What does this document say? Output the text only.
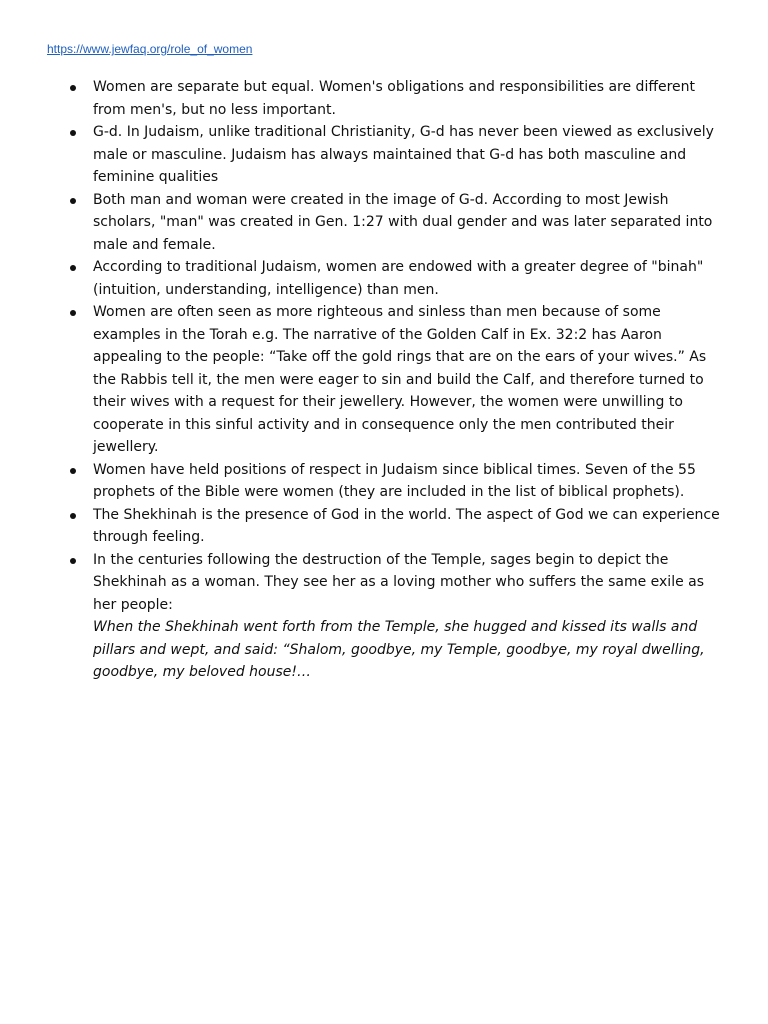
https://www.jewfaq.org/role_of_women
Women are separate but equal. Women's obligations and responsibilities are different from men's, but no less important.
G-d. In Judaism, unlike traditional Christianity, G-d has never been viewed as exclusively male or masculine. Judaism has always maintained that G-d has both masculine and feminine qualities
Both man and woman were created in the image of G-d. According to most Jewish scholars, "man" was created in Gen. 1:27 with dual gender and was later separated into male and female.
According to traditional Judaism, women are endowed with a greater degree of "binah" (intuition, understanding, intelligence) than men.
Women are often seen as more righteous and sinless than men because of some examples in the Torah e.g. The narrative of the Golden Calf in Ex. 32:2 has Aaron appealing to the people: “Take off the gold rings that are on the ears of your wives.” As the Rabbis tell it, the men were eager to sin and build the Calf, and therefore turned to their wives with a request for their jewellery. However, the women were unwilling to cooperate in this sinful activity and in consequence only the men contributed their jewellery.
Women have held positions of respect in Judaism since biblical times. Seven of the 55 prophets of the Bible were women (they are included in the list of biblical prophets).
The Shekhinah is the presence of God in the world. The aspect of God we can experience through feeling.
In the centuries following the destruction of the Temple, sages begin to depict the Shekhinah as a woman. They see her as a loving mother who suffers the same exile as her people:
When the Shekhinah went forth from the Temple, she hugged and kissed its walls and pillars and wept, and said: “Shalom, goodbye, my Temple, goodbye, my royal dwelling, goodbye, my beloved house!…
